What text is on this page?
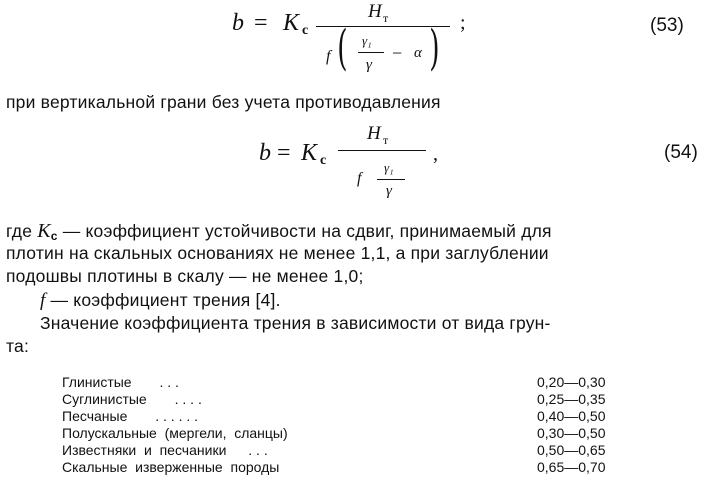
b = K с
H т
f ( γ₁
γ
− α ) ;	(53)
при вертикальной грани без учета противодавления
b = K с
H т
f
γ₁
γ
,	(54)
где Kс — коэффициент устойчивости на сдвиг, принимаемый для
плотин на скальных основаниях не менее 1,1, а при заглублении
подошвы плотины в скалу — не менее 1,0;
f — коэффициент трения [4].
Значение коэффициента трения в зависимости от вида грун-
та:
Глинистые . . .	0,20—0,30
Суглинистые . . . .	0,25—0,35
Песчаные . . . . . .	0,40—0,50
Полускальные  (мергели,  сланцы)	0,30—0,50
Известняки  и  песчаники . . .	0,50—0,65
Скальные  изверженные  породы	0,65—0,70
